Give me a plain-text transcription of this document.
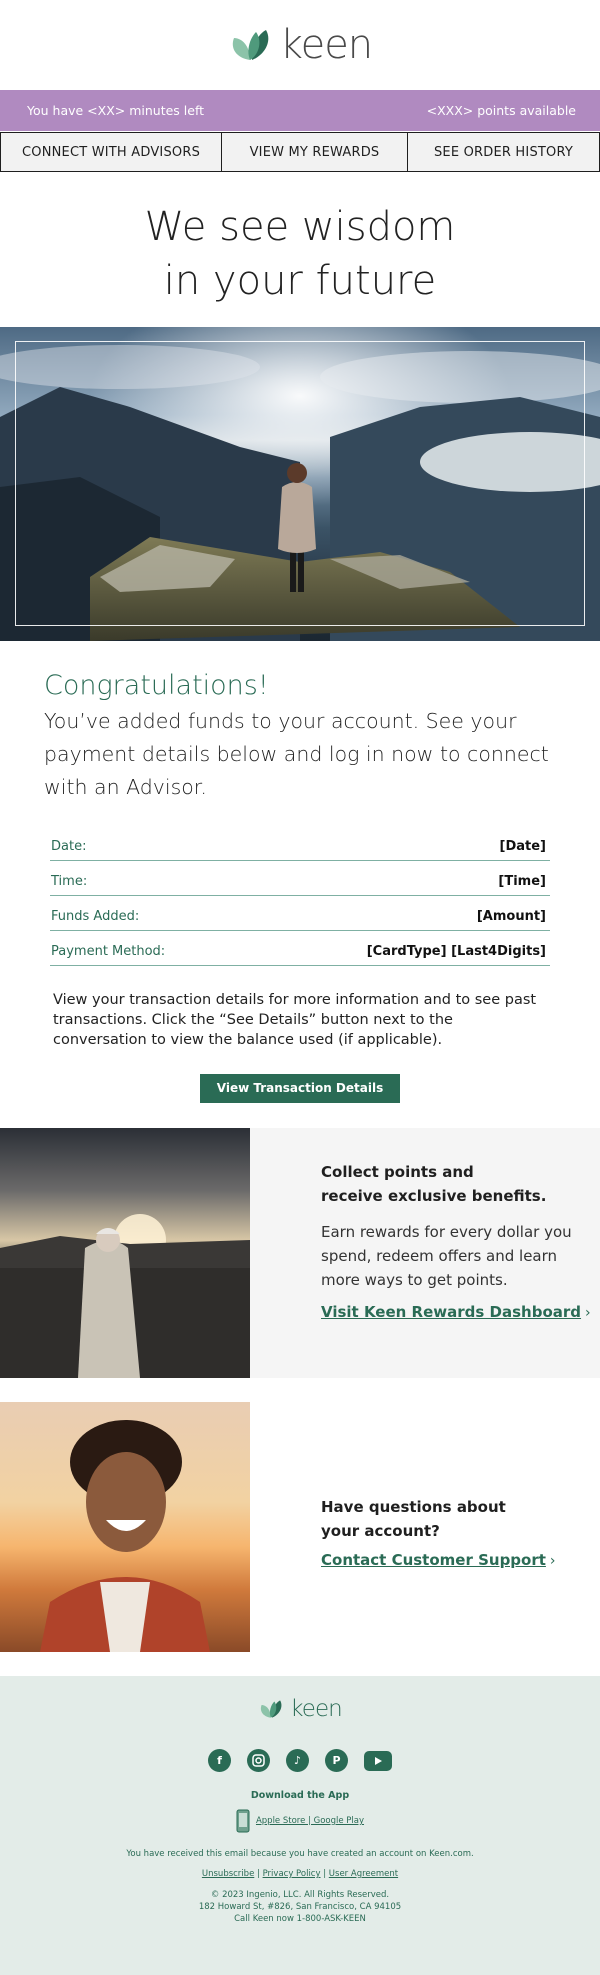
keen
You have <XX> minutes left	<XXX> points available
CONNECT WITH ADVISORS	VIEW MY REWARDS	SEE ORDER HISTORY
We see wisdom
in your future
Congratulations!
You’ve added funds to your account. See your payment details below and log in now to connect with an Advisor.
Date:	[Date]
Time:	[Time]
Funds Added:	[Amount]
Payment Method:	[CardType] [Last4Digits]
View your transaction details for more information and to see past transactions. Click the “See Details” button next to the conversation to view the balance used (if applicable).
View Transaction Details
Collect points and
receive exclusive benefits.
Earn rewards for every dollar you spend, redeem offers and learn more ways to get points.
Visit Keen Rewards Dashboard ›
Have questions about
your account?
Contact Customer Support ›
keen
f	♪	P
Download the App
Apple Store | Google Play
You have received this email because you have created an account on Keen.com.
Unsubscribe | Privacy Policy | User Agreement
© 2023 Ingenio, LLC. All Rights Reserved.
182 Howard St, #826, San Francisco, CA 94105
Call Keen now 1-800-ASK-KEEN
